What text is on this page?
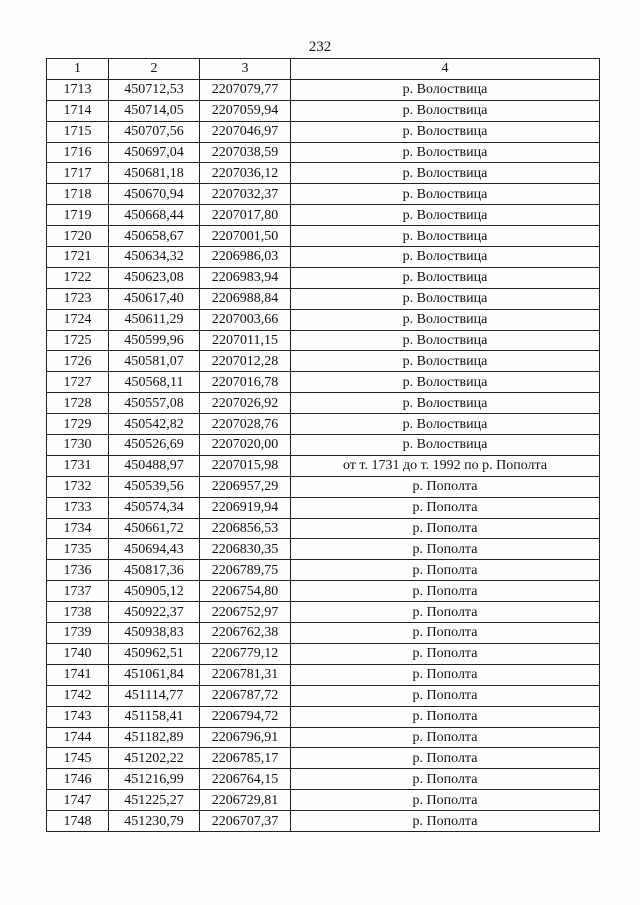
232
1	2	3	4
1713	450712,53	2207079,77	р. Волоствица
1714	450714,05	2207059,94	р. Волоствица
1715	450707,56	2207046,97	р. Волоствица
1716	450697,04	2207038,59	р. Волоствица
1717	450681,18	2207036,12	р. Волоствица
1718	450670,94	2207032,37	р. Волоствица
1719	450668,44	2207017,80	р. Волоствица
1720	450658,67	2207001,50	р. Волоствица
1721	450634,32	2206986,03	р. Волоствица
1722	450623,08	2206983,94	р. Волоствица
1723	450617,40	2206988,84	р. Волоствица
1724	450611,29	2207003,66	р. Волоствица
1725	450599,96	2207011,15	р. Волоствица
1726	450581,07	2207012,28	р. Волоствица
1727	450568,11	2207016,78	р. Волоствица
1728	450557,08	2207026,92	р. Волоствица
1729	450542,82	2207028,76	р. Волоствица
1730	450526,69	2207020,00	р. Волоствица
1731	450488,97	2207015,98	от т. 1731 до т. 1992 по р. Пополта
1732	450539,56	2206957,29	р. Пополта
1733	450574,34	2206919,94	р. Пополта
1734	450661,72	2206856,53	р. Пополта
1735	450694,43	2206830,35	р. Пополта
1736	450817,36	2206789,75	р. Пополта
1737	450905,12	2206754,80	р. Пополта
1738	450922,37	2206752,97	р. Пополта
1739	450938,83	2206762,38	р. Пополта
1740	450962,51	2206779,12	р. Пополта
1741	451061,84	2206781,31	р. Пополта
1742	451114,77	2206787,72	р. Пополта
1743	451158,41	2206794,72	р. Пополта
1744	451182,89	2206796,91	р. Пополта
1745	451202,22	2206785,17	р. Пополта
1746	451216,99	2206764,15	р. Пополта
1747	451225,27	2206729,81	р. Пополта
1748	451230,79	2206707,37	р. Пополта
